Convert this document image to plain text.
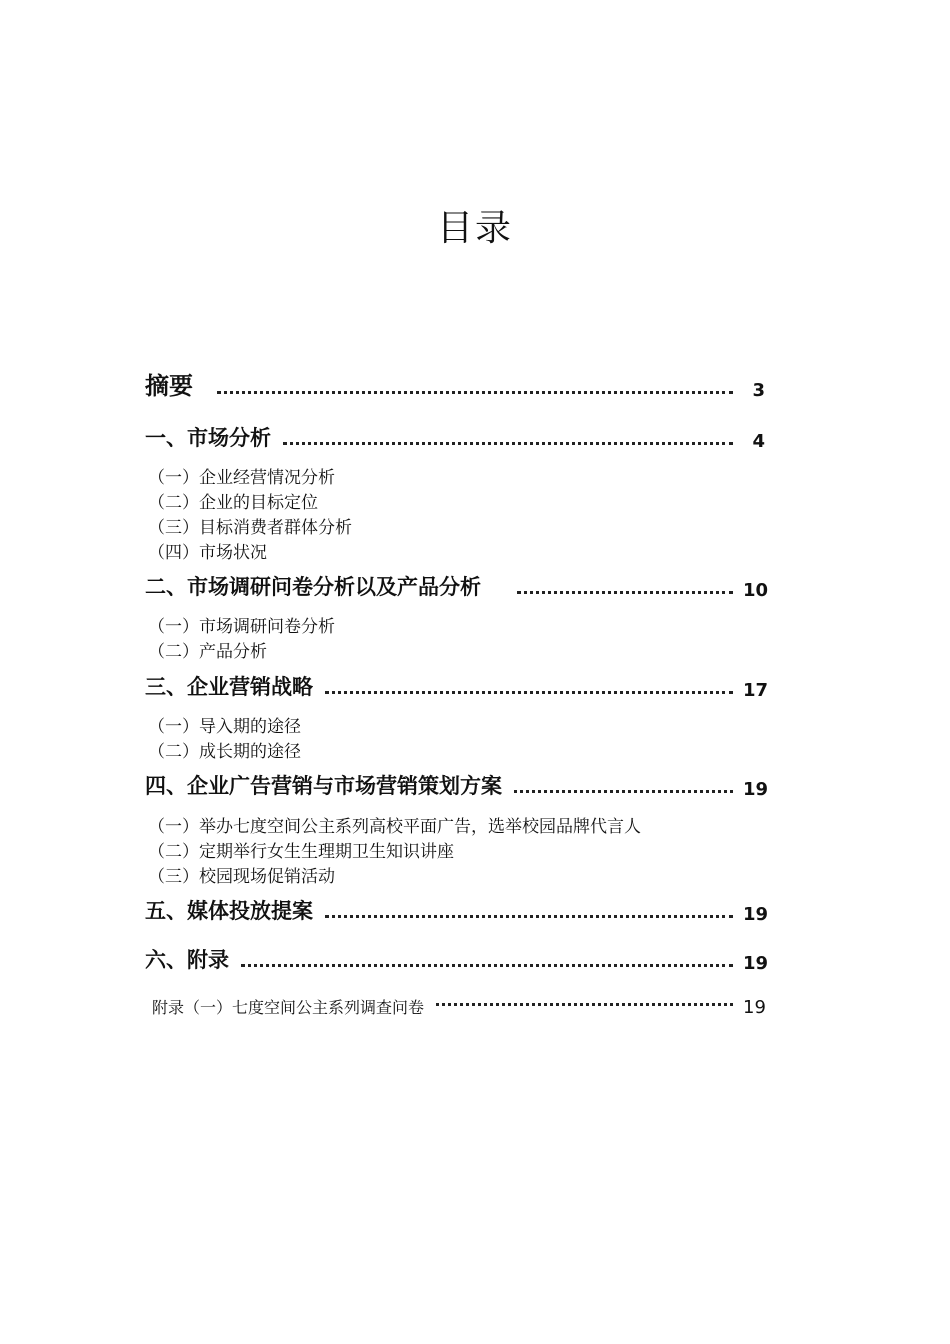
目录
摘要	3
一、市场分析	4
（一）企业经营情况分析
（二）企业的目标定位
（三）目标消费者群体分析
（四）市场状况
二、市场调研问卷分析以及产品分析	10
（一）市场调研问卷分析
（二）产品分析
三、企业营销战略	17
（一）导入期的途径
（二）成长期的途径
四、企业广告营销与市场营销策划方案	19
（一）举办七度空间公主系列高校平面广告，选举校园品牌代言人
（二）定期举行女生生理期卫生知识讲座
（三）校园现场促销活动
五、媒体投放提案	19
六、附录	19
附录（一）七度空间公主系列调查问卷	19
